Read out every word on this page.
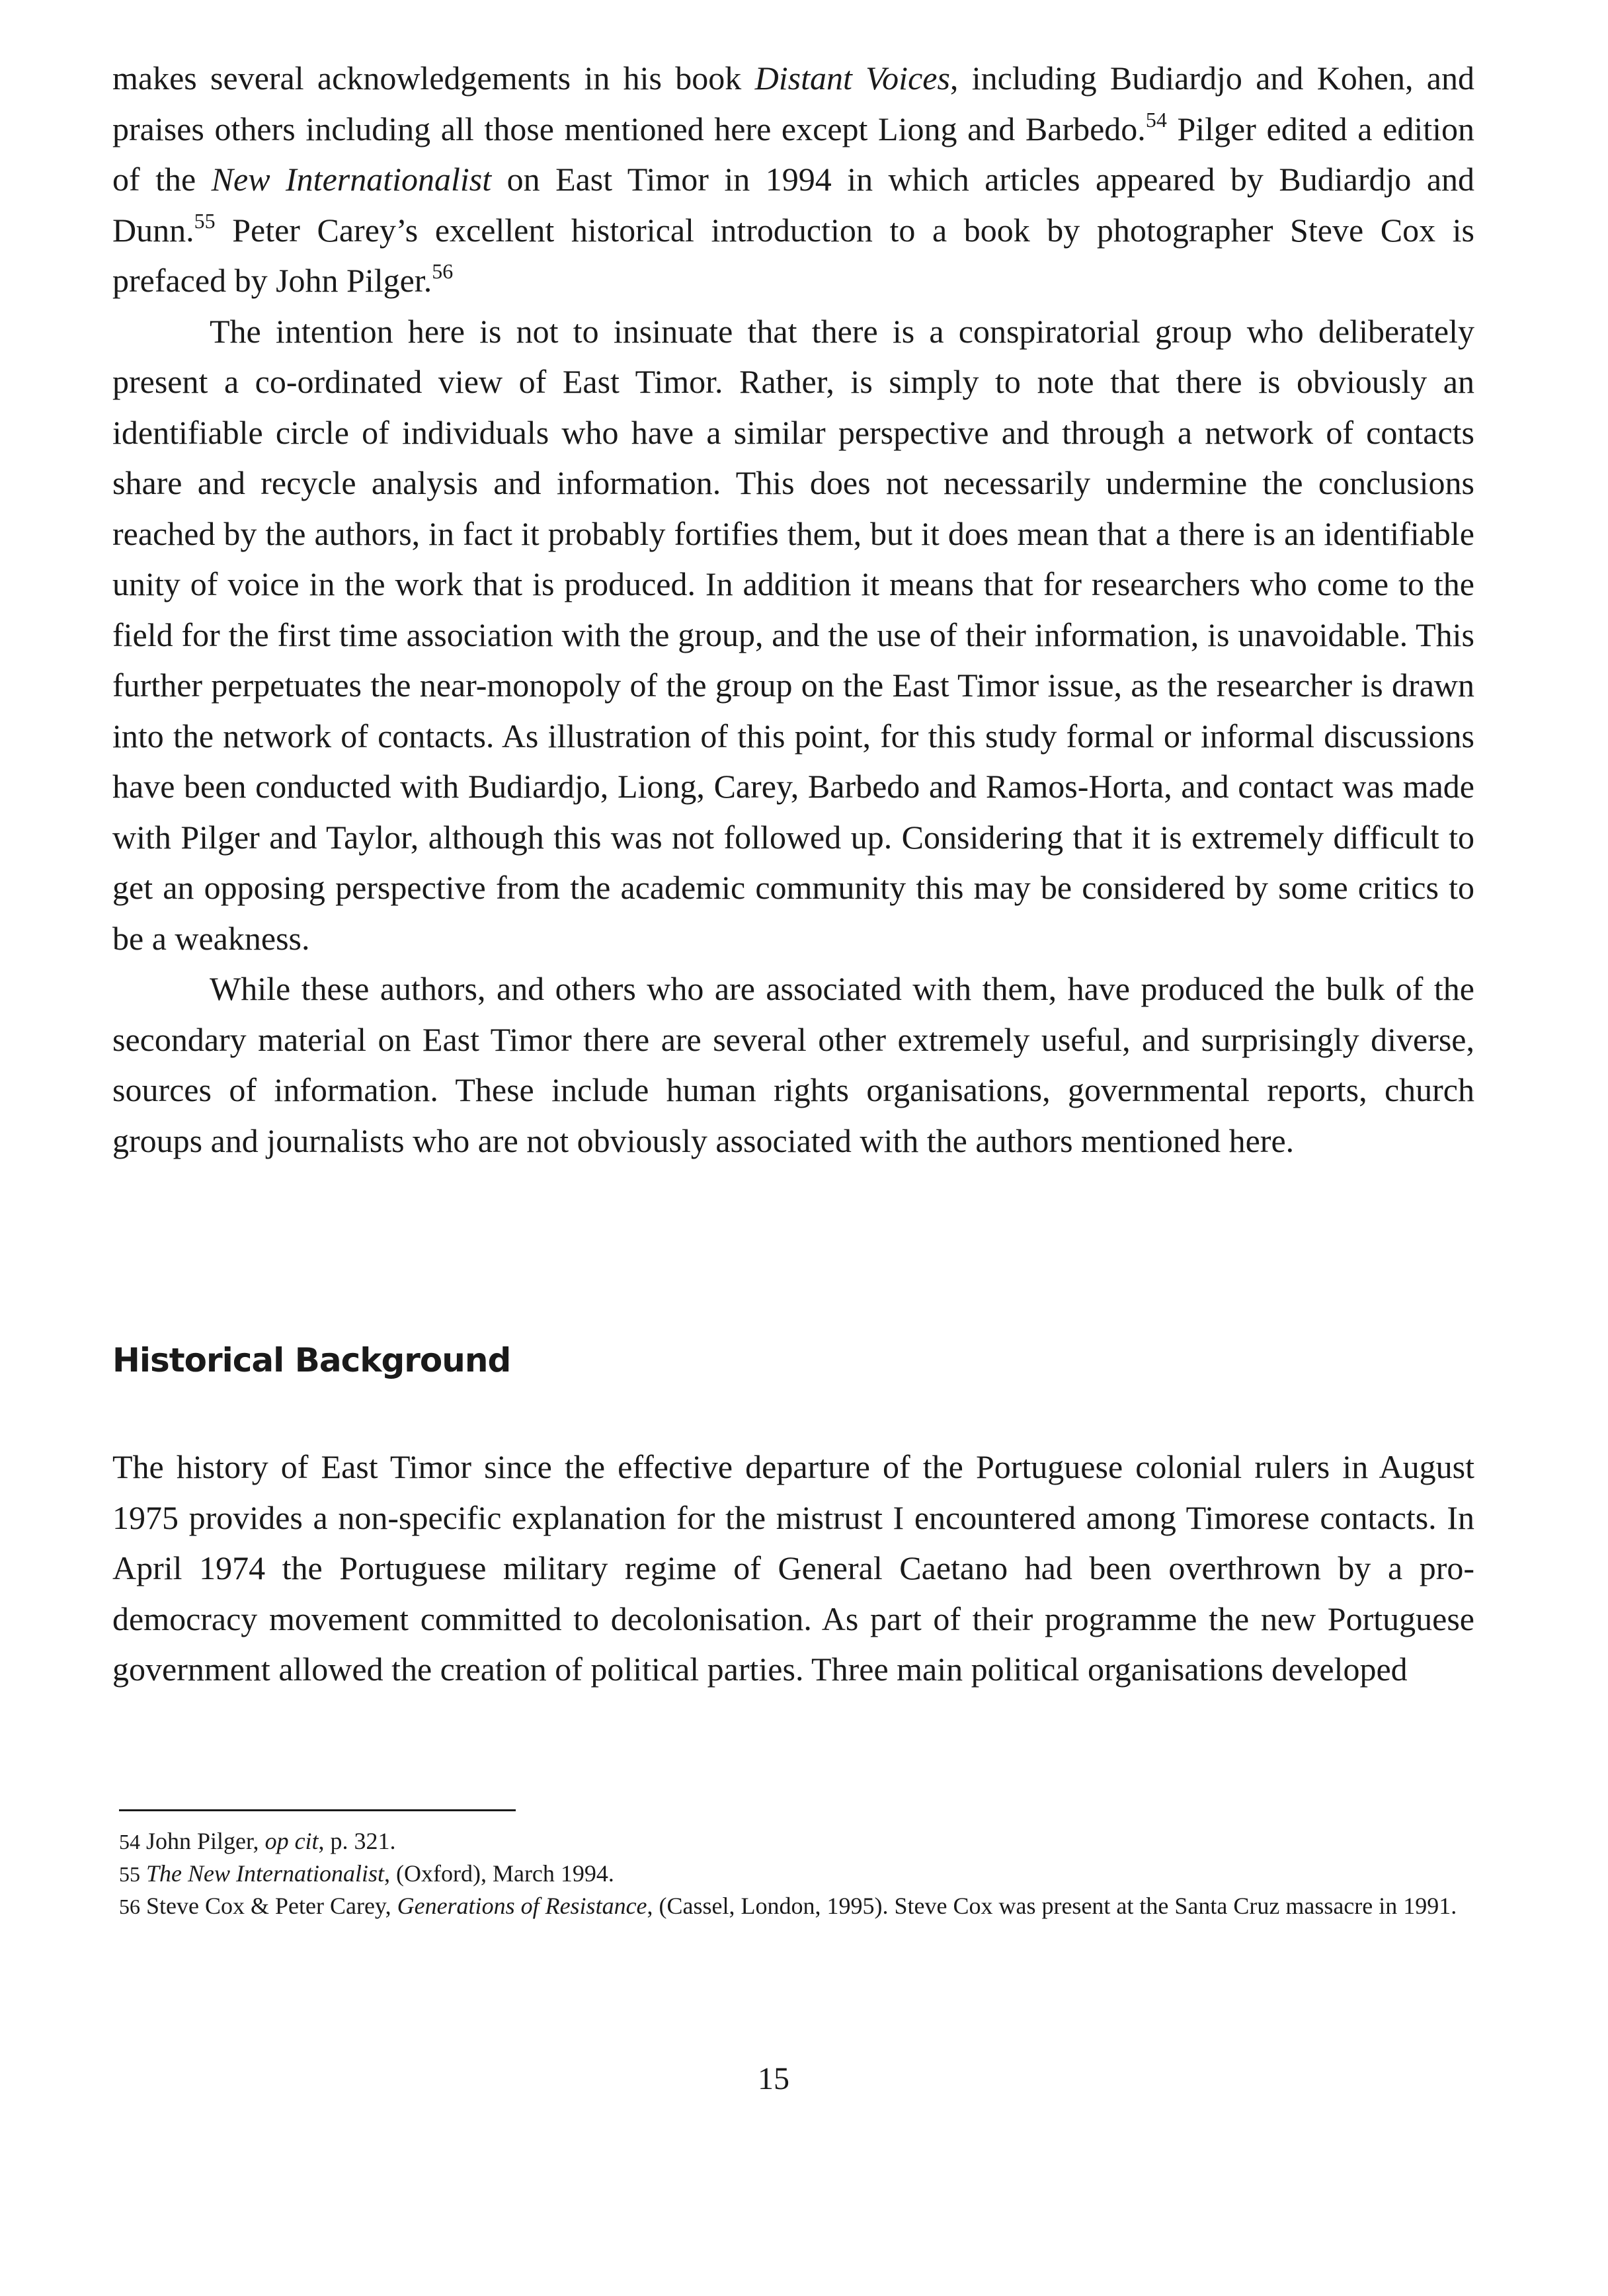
makes several acknowledgements in his book Distant Voices, including Budiardjo and Kohen, and praises others including all those mentioned here except Liong and Barbedo.$^{54}$ Pilger edited a edition of the New Internationalist on East Timor in 1994 in which articles appeared by Budiardjo and Dunn.$^{55}$ Peter Carey’s excellent historical introduction to a book by photographer Steve Cox is prefaced by John Pilger.$^{56}$

The intention here is not to insinuate that there is a conspiratorial group who deliberately present a co-ordinated view of East Timor. Rather, is simply to note that there is obviously an identifiable circle of individuals who have a similar perspective and through a network of contacts share and recycle analysis and information. This does not necessarily undermine the conclusions reached by the authors, in fact it probably fortifies them, but it does mean that a there is an identifiable unity of voice in the work that is produced. In addition it means that for researchers who come to the field for the first time association with the group, and the use of their information, is unavoidable. This further perpetuates the near-monopoly of the group on the East Timor issue, as the researcher is drawn into the network of contacts. As illustration of this point, for this study formal or informal discussions have been conducted with Budiardjo, Liong, Carey, Barbedo and Ramos-Horta, and contact was made with Pilger and Taylor, although this was not followed up. Considering that it is extremely difficult to get an opposing perspective from the academic community this may be considered by some critics to be a weakness.

While these authors, and others who are associated with them, have produced the bulk of the secondary material on East Timor there are several other extremely useful, and surprisingly diverse, sources of information. These include human rights organisations, governmental reports, church groups and journalists who are not obviously associated with the authors mentioned here.

Historical Background

The history of East Timor since the effective departure of the Portuguese colonial rulers in August 1975 provides a non-specific explanation for the mistrust I encountered among Timorese contacts. In April 1974 the Portuguese military regime of General Caetano had been overthrown by a pro-democracy movement committed to decolonisation. As part of their programme the new Portuguese government allowed the creation of political parties. Three main political organisations developed

54 John Pilger, op cit, p. 321.

55 The New Internationalist, (Oxford), March 1994.

56 Steve Cox & Peter Carey, Generations of Resistance, (Cassel, London, 1995). Steve Cox was present at the Santa Cruz massacre in 1991.

15
